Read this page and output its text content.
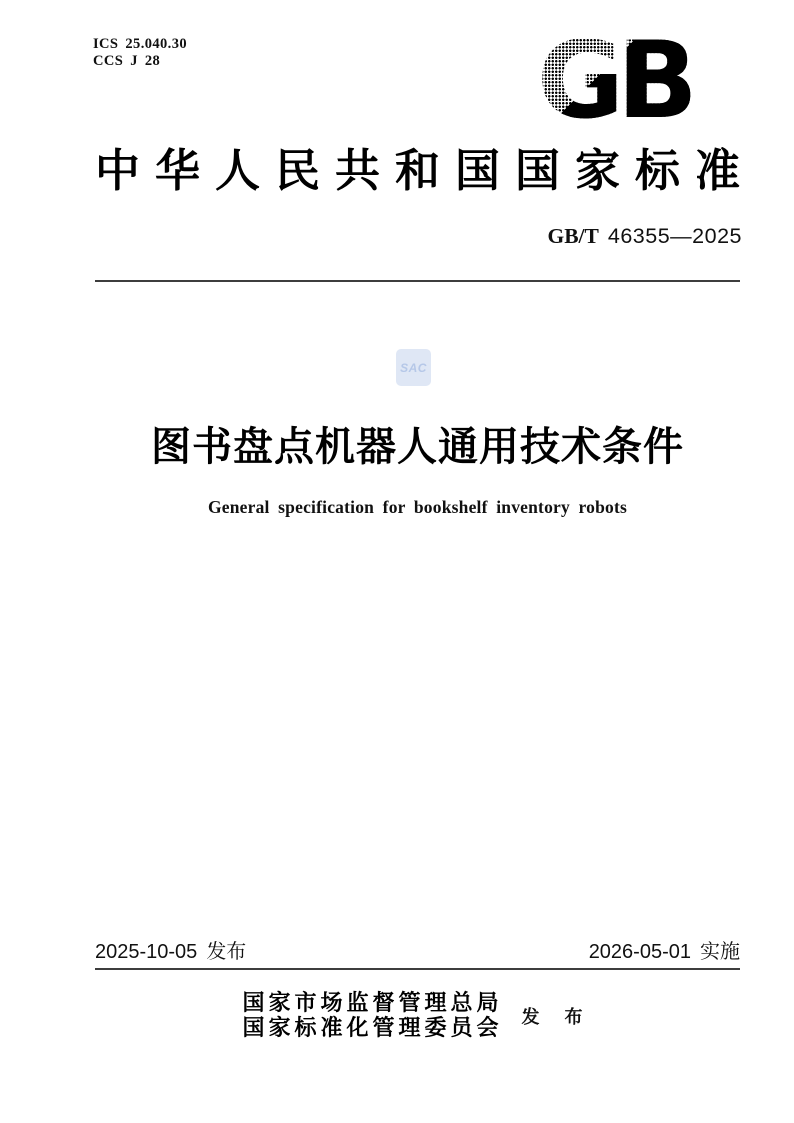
ICS 25.040.30
CCS J 28	GB
中华人民共和国国家标准
GB/T 46355—2025
SAC
图书盘点机器人通用技术条件
General specification for bookshelf inventory robots
2025-10-05 发布	2026-05-01 实施
国家市场监督管理总局
国家标准化管理委员会 发 布
